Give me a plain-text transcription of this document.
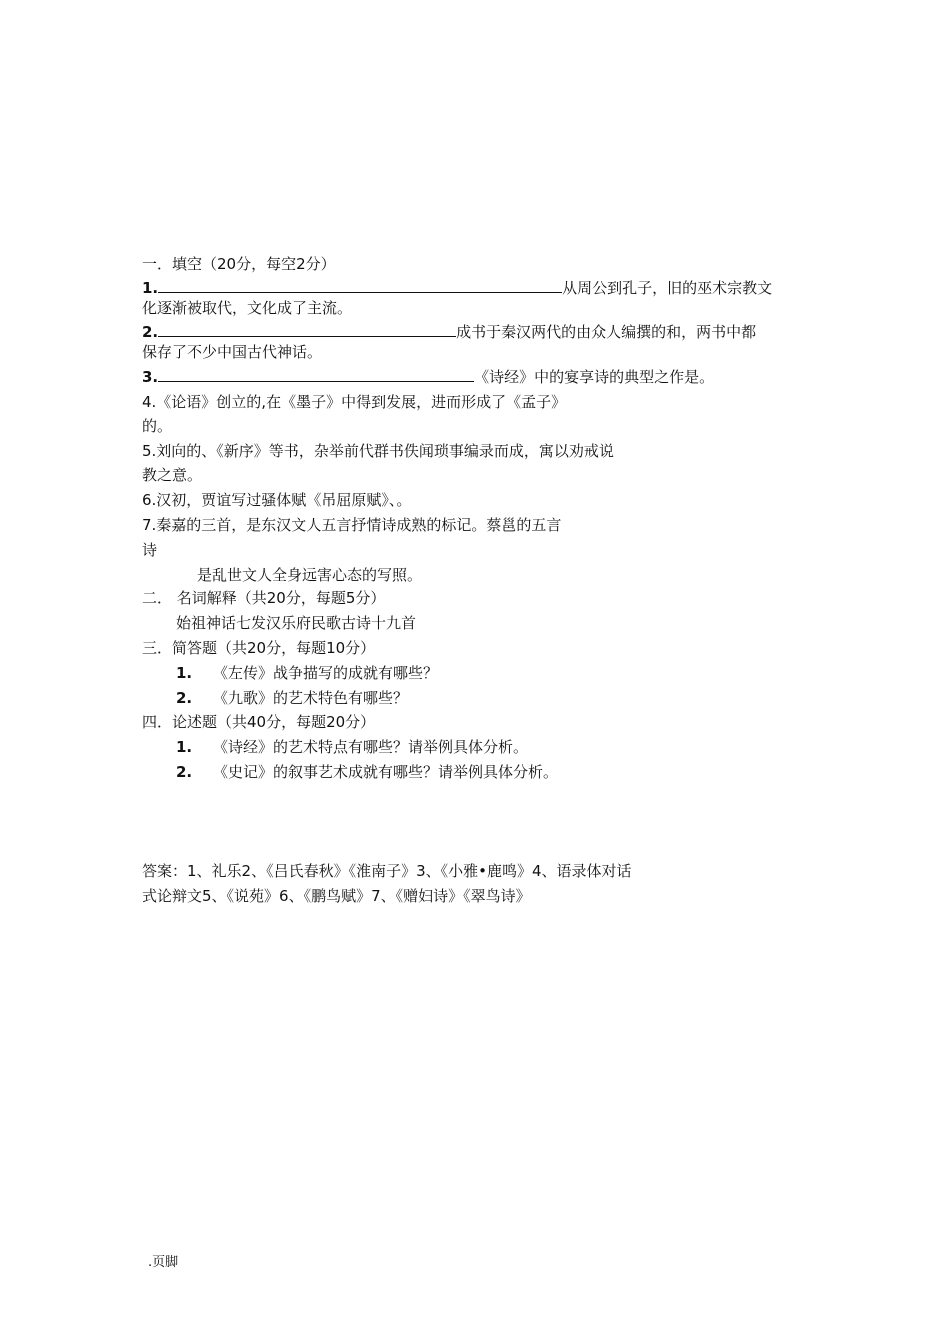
一．填空（20分，每空2分）
1.	从周公到孔子，旧的巫术宗教文
化逐渐被取代，文化成了主流。
2.	成书于秦汉两代的由众人编撰的和，两书中都
保存了不少中国古代神话。
3.	《诗经》中的宴享诗的典型之作是。
4.《论语》创立的,在《墨子》中得到发展，进而形成了《孟子》
的。
5.刘向的、《新序》等书，杂举前代群书佚闻琐事编录而成，寓以劝戒说
教之意。
6.汉初，贾谊写过骚体赋《吊屈原赋》、。
7.秦嘉的三首，是东汉文人五言抒情诗成熟的标记。蔡邕的五言
诗
是乱世文人全身远害心态的写照。
二． 名词解释（共20分，每题5分）
始祖神话七发汉乐府民歌古诗十九首
三．简答题（共20分，每题10分）
1. 《左传》战争描写的成就有哪些？
2. 《九歌》的艺术特色有哪些？
四．论述题（共40分，每题20分）
1. 《诗经》的艺术特点有哪些？请举例具体分析。
2. 《史记》的叙事艺术成就有哪些？请举例具体分析。
答案：1、礼乐2、《吕氏春秋》《淮南子》3、《小雅•鹿鸣》4、语录体对话
式论辩文5、《说苑》6、《鹏鸟赋》7、《赠妇诗》《翠鸟诗》
.页脚
